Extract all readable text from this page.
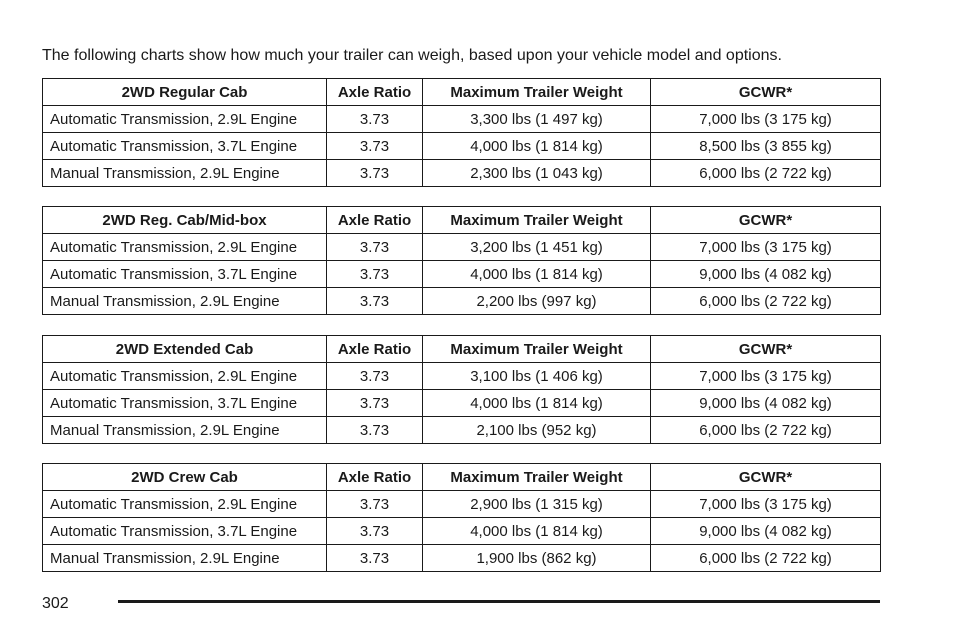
The following charts show how much your trailer can weigh, based upon your vehicle model and options.
2WD Regular Cab	Axle Ratio	Maximum Trailer Weight	GCWR*
Automatic Transmission, 2.9L Engine	3.73	3,300 lbs (1 497 kg)	7,000 lbs (3 175 kg)
Automatic Transmission, 3.7L Engine	3.73	4,000 lbs (1 814 kg)	8,500 lbs (3 855 kg)
Manual Transmission, 2.9L Engine	3.73	2,300 lbs (1 043 kg)	6,000 lbs (2 722 kg)
2WD Reg. Cab/Mid-box	Axle Ratio	Maximum Trailer Weight	GCWR*
Automatic Transmission, 2.9L Engine	3.73	3,200 lbs (1 451 kg)	7,000 lbs (3 175 kg)
Automatic Transmission, 3.7L Engine	3.73	4,000 lbs (1 814 kg)	9,000 lbs (4 082 kg)
Manual Transmission, 2.9L Engine	3.73	2,200 lbs (997 kg)	6,000 lbs (2 722 kg)
2WD Extended Cab	Axle Ratio	Maximum Trailer Weight	GCWR*
Automatic Transmission, 2.9L Engine	3.73	3,100 lbs (1 406 kg)	7,000 lbs (3 175 kg)
Automatic Transmission, 3.7L Engine	3.73	4,000 lbs (1 814 kg)	9,000 lbs (4 082 kg)
Manual Transmission, 2.9L Engine	3.73	2,100 lbs (952 kg)	6,000 lbs (2 722 kg)
2WD Crew Cab	Axle Ratio	Maximum Trailer Weight	GCWR*
Automatic Transmission, 2.9L Engine	3.73	2,900 lbs (1 315 kg)	7,000 lbs (3 175 kg)
Automatic Transmission, 3.7L Engine	3.73	4,000 lbs (1 814 kg)	9,000 lbs (4 082 kg)
Manual Transmission, 2.9L Engine	3.73	1,900 lbs (862 kg)	6,000 lbs (2 722 kg)
302
